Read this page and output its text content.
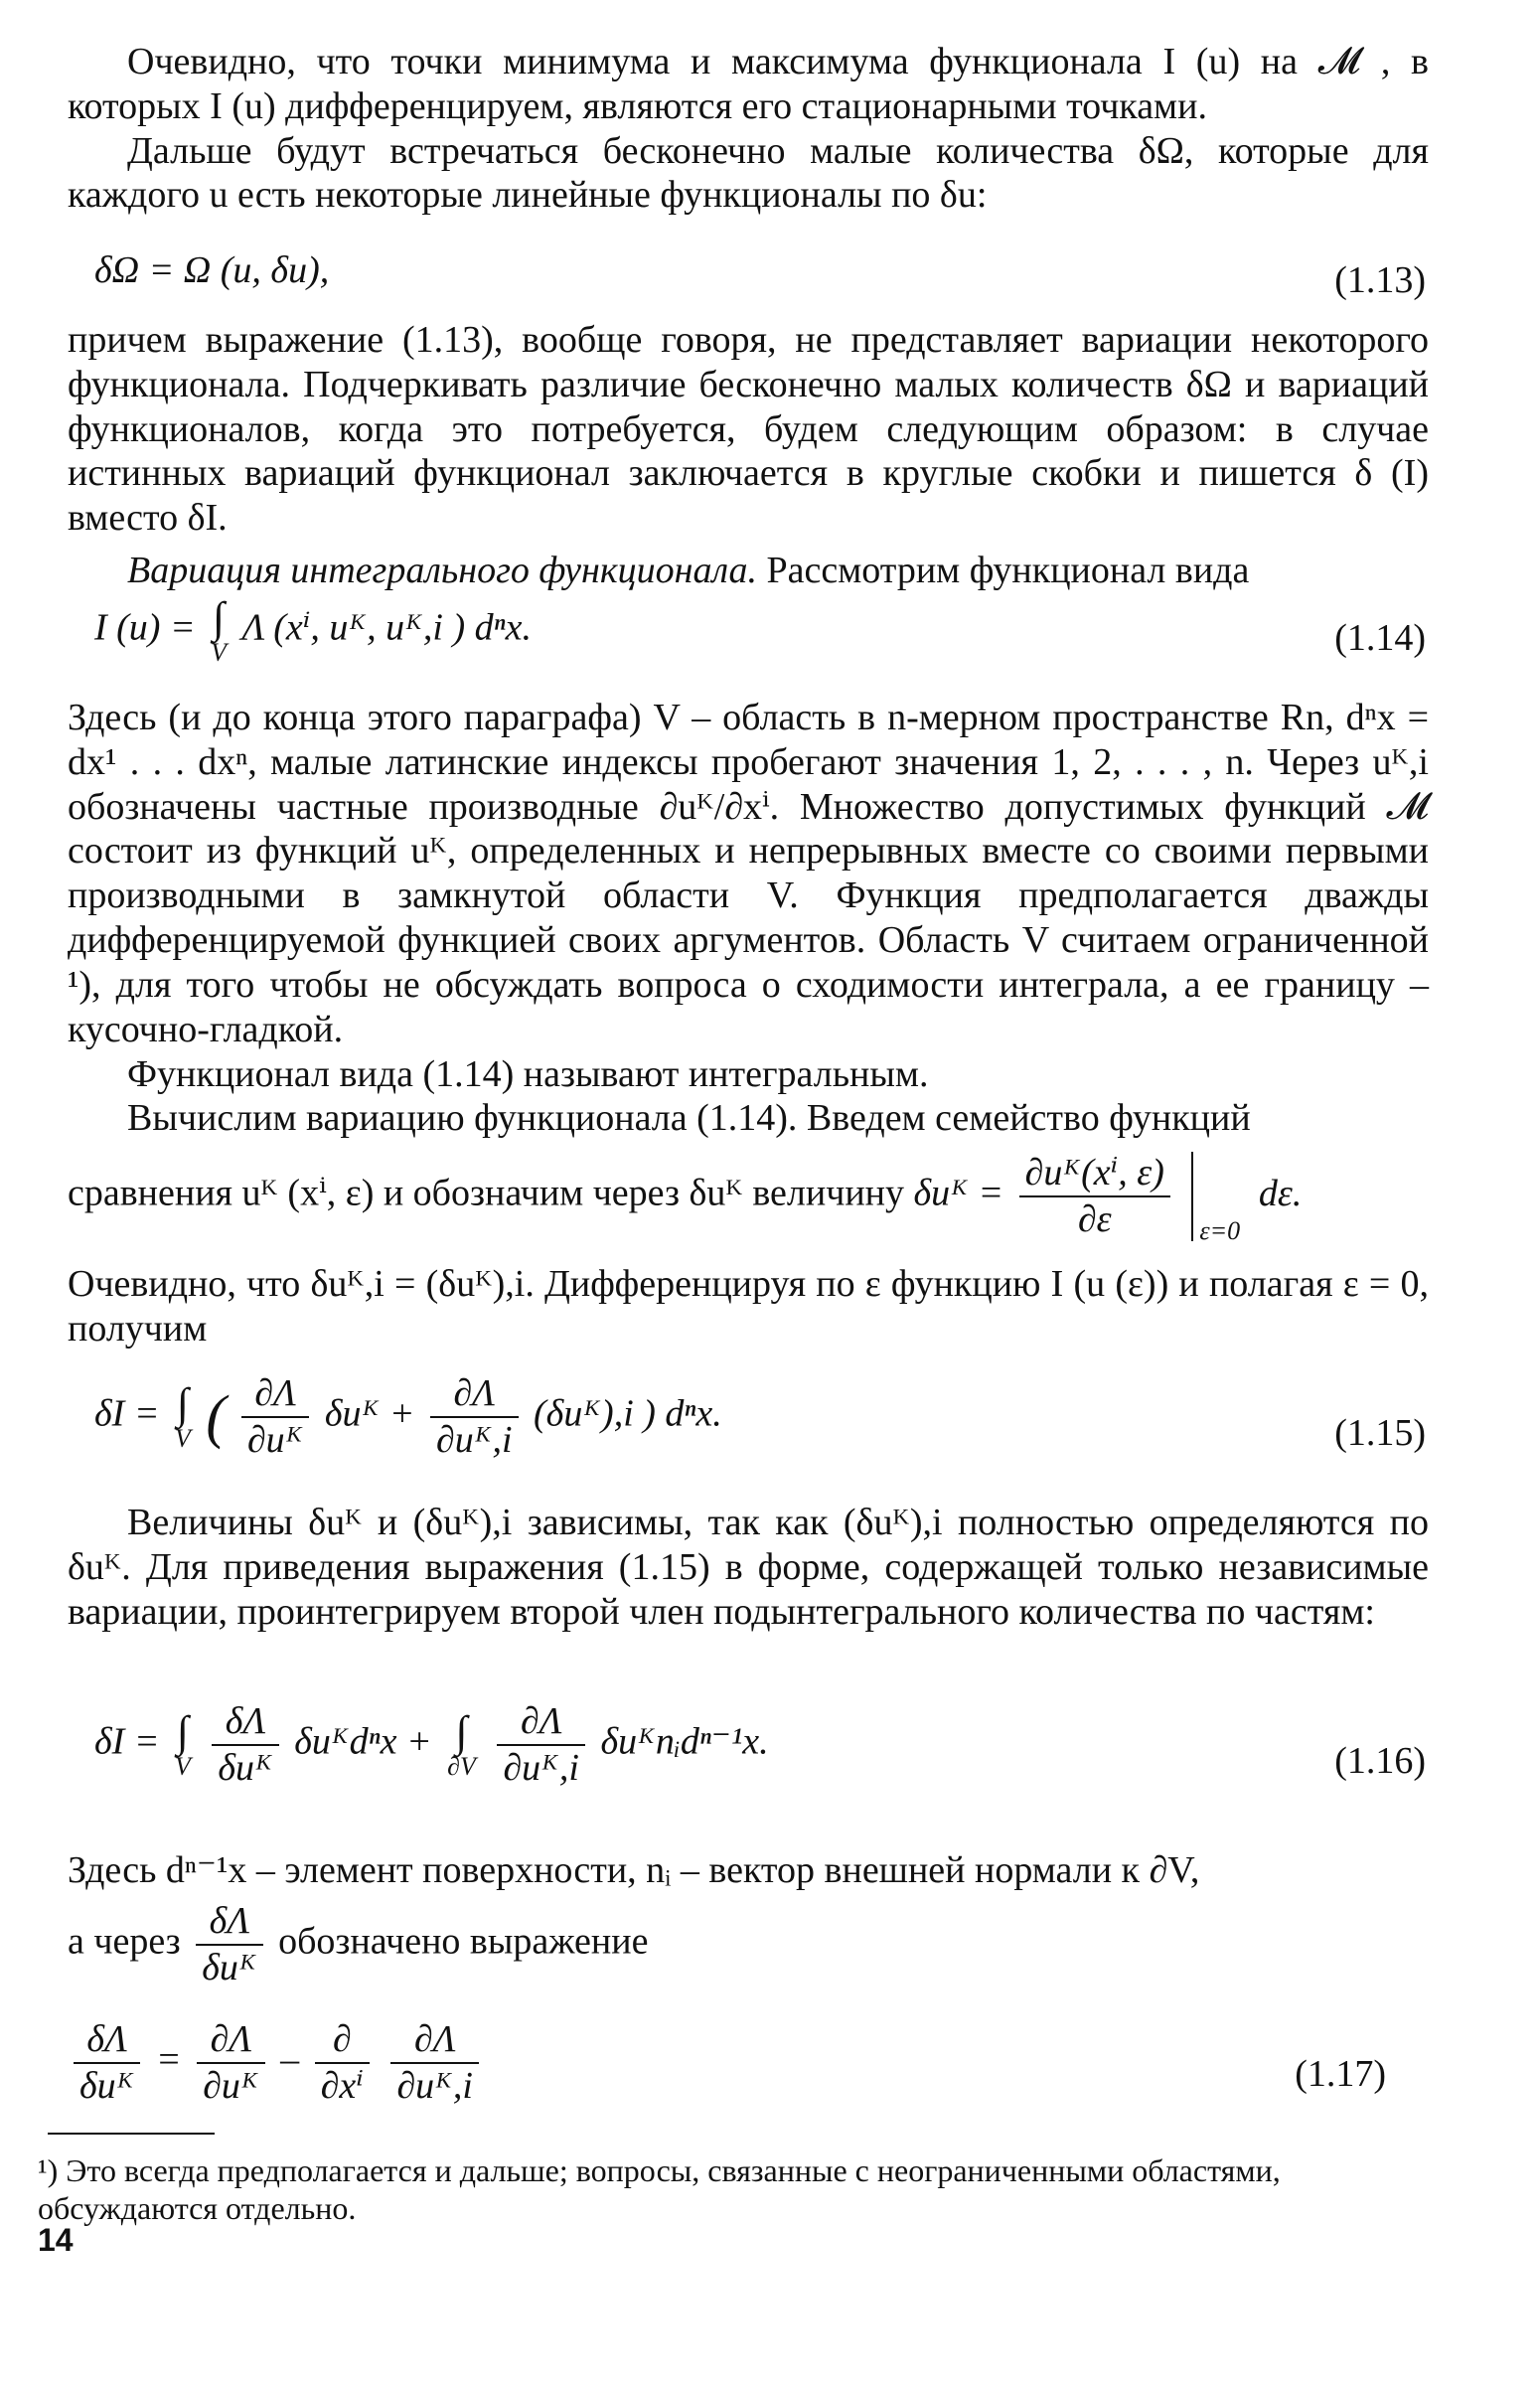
Очевидно, что точки минимума и максимума функционала I (u) на 𝓜 , в которых I (u) дифференцируем, являются его стационарными точками.

Дальше будут встречаться бесконечно малые количества δΩ, которые для каждого u есть некоторые линейные функционалы по δu:

δΩ = Ω (u, δu),	(1.13)

причем выражение (1.13), вообще говоря, не представляет вариации некоторого функционала. Подчеркивать различие бесконечно малых количеств δΩ и вариаций функционалов, когда это потребуется, будем следующим образом: в случае истинных вариаций функционал заключается в круглые скобки и пишется δ (I) вместо δI.

Вариация интегрального функционала. Рассмотрим функционал вида

I (u) = ∫
V
Λ (xⁱ, uᴷ, uᴷ,i ) dⁿx.	(1.14)

Здесь (и до конца этого параграфа) V – область в n-мерном пространстве Rn, dⁿx = dx¹ . . . dxⁿ, малые латинские индексы пробегают значения 1, 2, . . . , n. Через uᴷ,i обозначены частные производные ∂uᴷ/∂xⁱ. Множество допустимых функций 𝓜 состоит из функций uᴷ, определенных и непрерывных вместе со своими первыми производными в замкнутой области V. Функция предполагается дважды дифференцируемой функцией своих аргументов. Область V считаем ограниченной ¹), для того чтобы не обсуждать вопроса о сходимости интеграла, а ее границу – кусочно-гладкой.

Функционал вида (1.14) называют интегральным.

Вычислим вариацию функционала (1.14). Введем семейство функций

сравнения uᴷ (xⁱ, ε) и обозначим через δuᴷ величину δuᴷ = $\frac{\text{∂uᴷ(xⁱ, ε)}}{\partial\varepsilon}$
ε=0
dε.

Очевидно, что δuᴷ,i = (δuᴷ),i. Дифференцируя по ε функцию I (u (ε)) и полагая ε = 0, получим

δI = ∫
V ( $\frac{\partial\Lambda}{\text{∂uᴷ}}$ δuᴷ + $\frac{\partial\Lambda}{\text{∂uᴷ,i}}$ (δuᴷ),i ) dⁿx.	(1.15)

Величины δuᴷ и (δuᴷ),i зависимы, так как (δuᴷ),i полностью определяются по δuᴷ. Для приведения выражения (1.15) в форме, содержащей только независимые вариации, проинтегрируем второй член подынтегрального количества по частям:

δI = ∫
V
$\frac{\delta\Lambda}{\text{δuᴷ}}$ δuᴷdⁿx + ∫
∂V
$\frac{\partial\Lambda}{\text{∂uᴷ,i}}$ δuᴷnᵢdⁿ⁻¹x.	(1.16)

Здесь dⁿ⁻¹x – элемент поверхности, nᵢ – вектор внешней нормали к ∂V,

а через $\frac{\delta\Lambda}{\text{δuᴷ}}$ обозначено выражение

$\frac{\delta\Lambda}{\text{δuᴷ}} = \frac{\partial\Lambda}{\text{∂uᴷ}} - \frac{\partial}{\text{∂xⁱ}}$
$\frac{\partial\Lambda}{\text{∂uᴷ,i}}$	(1.17)
¹) Это всегда предполагается и дальше; вопросы, связанные с неограниченными областями, обсуждаются отдельно.
14
